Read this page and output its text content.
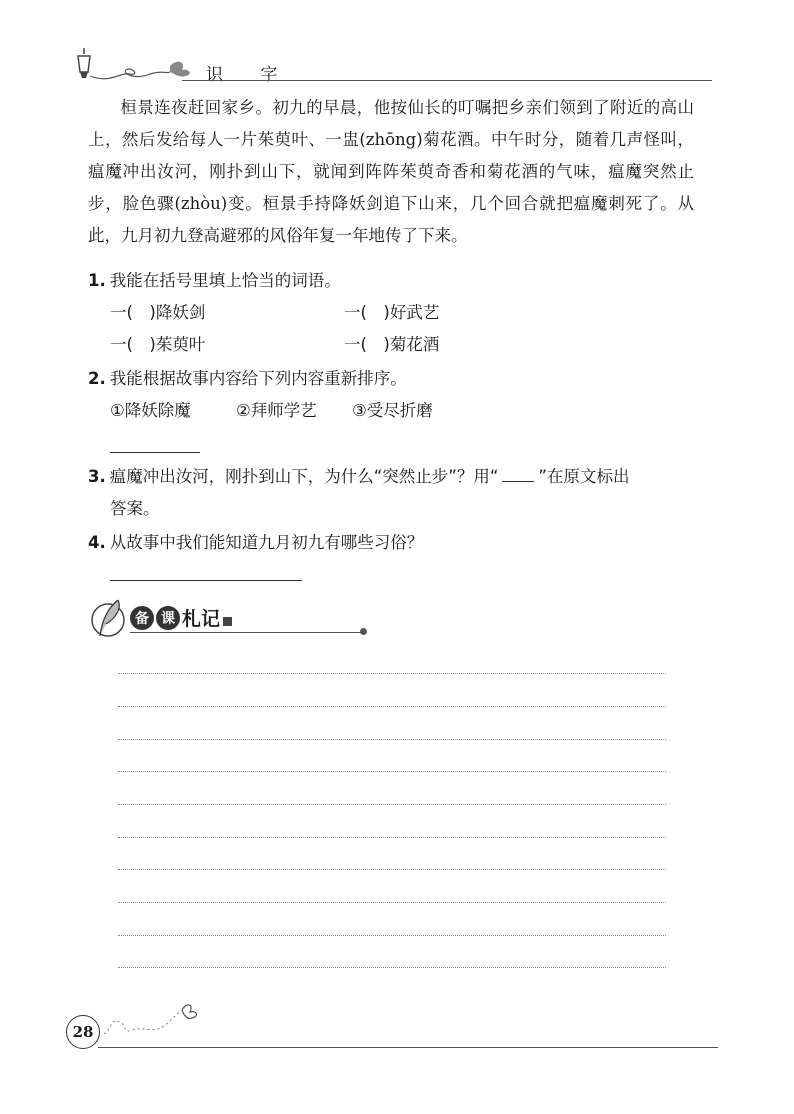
识 字
桓景连夜赶回家乡。初九的早晨，他按仙长的叮嘱把乡亲们领到了附近的高山上，然后发给每人一片茱萸叶、一盅(zhōng)菊花酒。中午时分，随着几声怪叫，瘟魔冲出汝河，刚扑到山下，就闻到阵阵茱萸奇香和菊花酒的气味，瘟魔突然止步，脸色骤(zhòu)变。桓景手持降妖剑追下山来，几个回合就把瘟魔刺死了。从此，九月初九登高避邪的风俗年复一年地传了下来。
1. 我能在括号里填上恰当的词语。
一(　)降妖剑	一(　)好武艺
一(　)茱萸叶	一(　)菊花酒
2. 我能根据故事内容给下列内容重新排序。
①降妖除魔	②拜师学艺 ③受尽折磨
3. 瘟魔冲出汝河，刚扑到山下，为什么“突然止步”？用“ ”在原文标出
答案。
4. 从故事中我们能知道九月初九有哪些习俗？
备 课 札记
28
